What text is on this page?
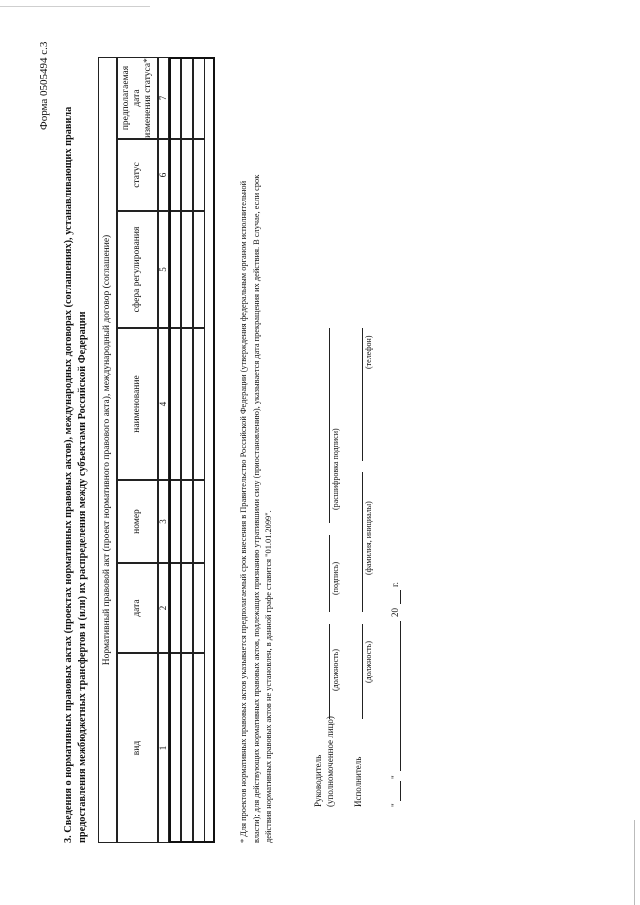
Форма 0505494 с.3
3. Сведения о нормативных правовых актах (проектах нормативных правовых актов), международных договорах (соглашениях), устанавливающих правила предоставления межбюджетных трансфертов и (или) их распределения между субъектами Российской Федерации	Нормативный правовой акт (проект нормативного правового акта), международный договор (соглашение)
вид
дата
номер
наименование
сфера регулирования
статус
предполагаемая дата изменения статуса*
1
2
3
4
5
6
7
* Для проектов нормативных правовых актов указывается предполагаемый срок внесения в Правительство Российской Федерации (утверждения федеральным органом исполнительной власти); для действующих нормативных правовых актов, подлежащих признанию утратившими силу (приостановлению), указывается дата прекращения их действия. В случае, если срок действия нормативных правовых актов не установлен, в данной графе ставится "01.01.2099".	Руководитель (уполномоченное лицо)
(должность)
(подпись)
(расшифровка подписи)
Исполнитель
(должность)
(фамилия, инициалы)
(телефон)
"
"
20
г.
